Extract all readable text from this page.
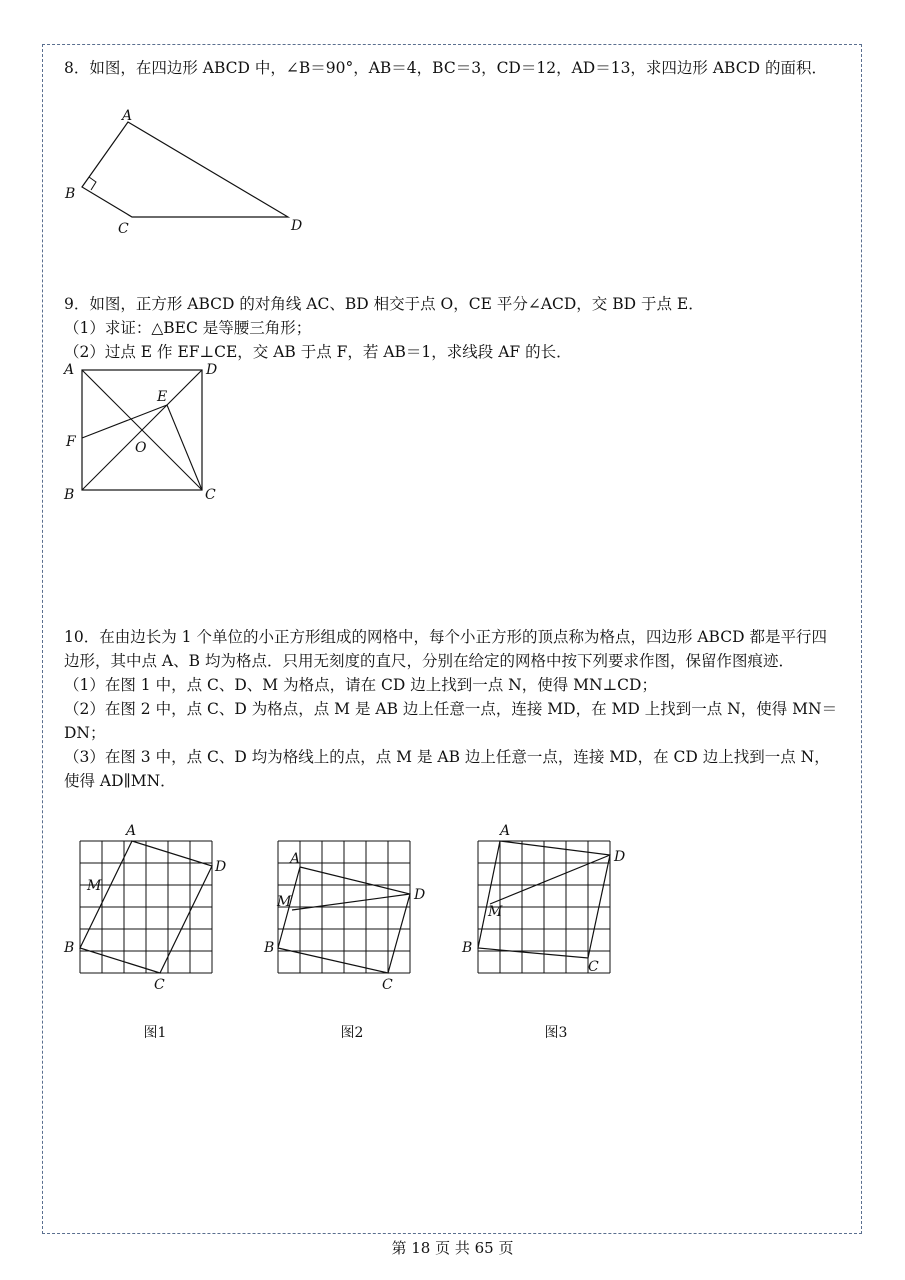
8．如图，在四边形 ABCD 中，∠B＝90°，AB＝4，BC＝3，CD＝12，AD＝13，求四边形 ABCD 的面积．

A
B
C	D

9．如图，正方形 ABCD 的对角线 AC、BD 相交于点 O，CE 平分∠ACD，交 BD 于点 E．

（1）求证：△BEC 是等腰三角形；

（2）过点 E 作 EF⊥CE，交 AB 于点 F，若 AB＝1，求线段 AF 的长．

A	D
B	C
E
F	O

10．在由边长为 1 个单位的小正方形组成的网格中，每个小正方形的顶点称为格点，四边形 ABCD 都是平行四边形，其中点 A、B 均为格点．只用无刻度的直尺，分别在给定的网格中按下列要求作图，保留作图痕迹．

（1）在图 1 中，点 C、D、M 为格点，请在 CD 边上找到一点 N，使得 MN⊥CD；

（2）在图 2 中，点 C、D 为格点，点 M 是 AB 边上任意一点，连接 MD，在 MD 上找到一点 N，使得 MN＝DN；

（3）在图 3 中，点 C、D 均为格线上的点，点 M 是 AB 边上任意一点，连接 MD，在 CD 边上找到一点 N，使得 AD∥MN．

A
B
C
D
M
A
B
C
D
M
A
B
C
D
M
图1	图2	图3
第 18 页 共 65 页
